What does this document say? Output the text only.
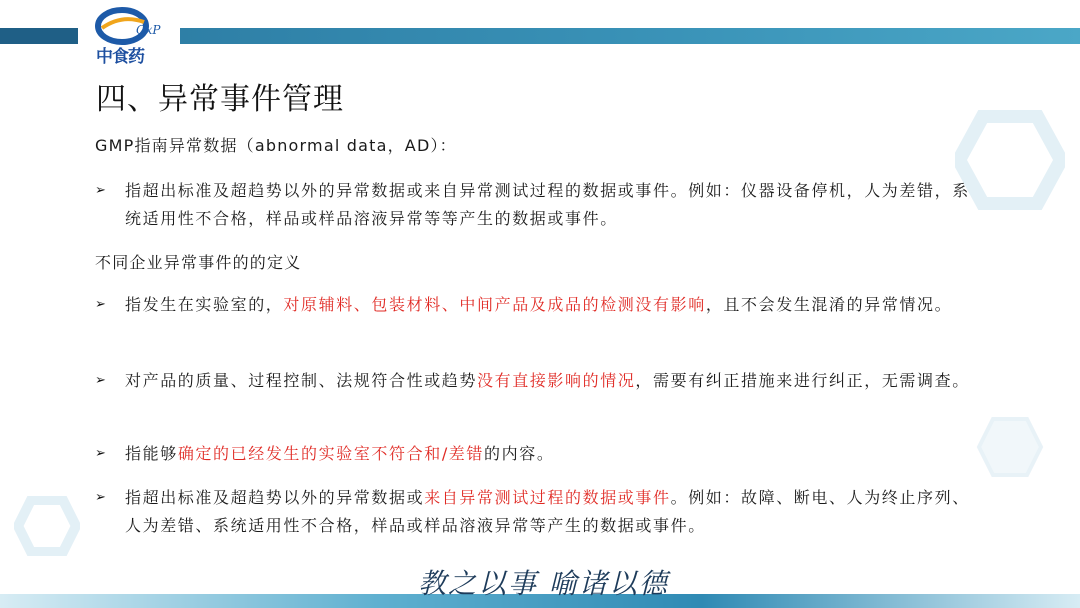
GxP
中食药
四、异常事件管理
GMP指南异常数据（abnormal data，AD）：
➢	指超出标准及超趋势以外的异常数据或来自异常测试过程的数据或事件。例如：仪器设备停机，人为差错，系统适用性不合格，样品或样品溶液异常等等产生的数据或事件。
不同企业异常事件的的定义
➢	指发生在实验室的，对原辅料、包装材料、中间产品及成品的检测没有影响，且不会发生混淆的异常情况。
➢	对产品的质量、过程控制、法规符合性或趋势没有直接影响的情况，需要有纠正措施来进行纠正，无需调查。
➢	指能够确定的已经发生的实验室不符合和/差错的内容。
➢	指超出标准及超趋势以外的异常数据或来自异常测试过程的数据或事件。例如：故障、断电、人为终止序列、人为差错、系统适用性不合格，样品或样品溶液异常等产生的数据或事件。
教之以事 喻诸以德
